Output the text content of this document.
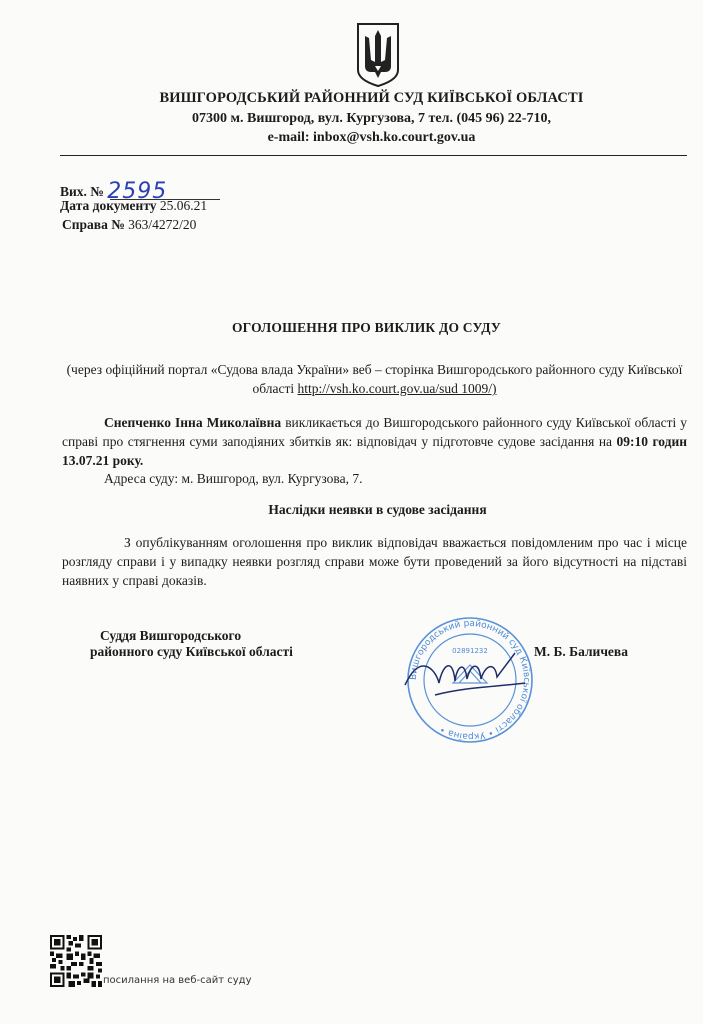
ВИШГОРОДСЬКИЙ РАЙОННИЙ СУД КИЇВСЬКОЇ ОБЛАСТІ
07300 м. Вишгород, вул. Кургузова, 7 тел. (045 96) 22-710,
e-mail: inbox@vsh.ko.court.gov.ua
Вих. № 2595
Дата документу 25.06.21
Справа № 363/4272/20
ОГОЛОШЕННЯ ПРО ВИКЛИК ДО СУДУ
(через офіційний портал «Судова влада України» веб – сторінка Вишгородського районного суду Київської області http://vsh.ko.court.gov.ua/sud 1009/)
Снепченко Інна Миколаївна викликається до Вишгородського районного суду Київської області у справі про стягнення суми заподіяних збитків як: відповідач у підготовче судове засідання на 09:10 годин 13.07.21 року.
Адреса суду: м. Вишгород, вул. Кургузова, 7.
Наслідки неявки в судове засідання
З опублікуванням оголошення про виклик відповідач вважається повідомленим про час і місце розгляду справи і у випадку неявки розгляд справи може бути проведений за його відсутності на підставі наявних у справі доказів.
Суддя Вишгородського
районного суду Київської області	М. Б. Баличева
Вишгородський районний суд Київської області • Україна •
02891232
посилання на веб-сайт суду
